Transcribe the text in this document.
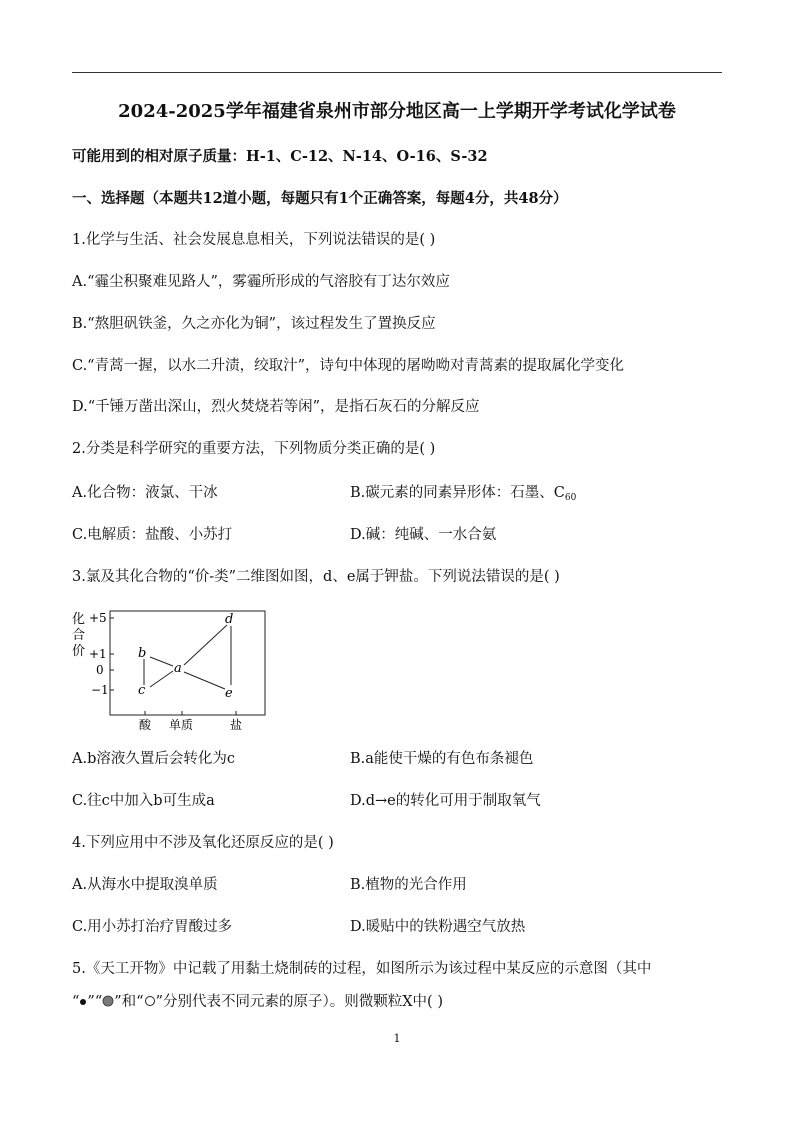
2024-2025学年福建省泉州市部分地区高一上学期开学考试化学试卷
可能用到的相对原子质量：H-1、C-12、N-14、O-16、S-32
一、选择题（本题共12道小题，每题只有1个正确答案，每题4分，共48分）
1.化学与生活、社会发展息息相关，下列说法错误的是( )
A.“霾尘积聚难见路人”，雾霾所形成的气溶胶有丁达尔效应
B.“熬胆矾铁釜，久之亦化为铜”，该过程发生了置换反应
C.“青蒿一握，以水二升渍，绞取汁”，诗句中体现的屠呦呦对青蒿素的提取属化学变化
D.“千锤万凿出深山，烈火焚烧若等闲”，是指石灰石的分解反应
2.分类是科学研究的重要方法，下列物质分类正确的是( )
A.化合物：液氯、干冰	B.碳元素的同素异形体：石墨、$C_{60}$
C.电解质：盐酸、小苏打	D.碱：纯碱、一水合氨
3.氯及其化合物的“价-类”二维图如图，d、e属于钾盐。下列说法错误的是( )
化
合
价
+5
+1
0
−1
酸 单质	盐
a
b
c
d
e
A.b溶液久置后会转化为c	B.a能使干燥的有色布条褪色
C.往c中加入b可生成a	D.d→e的转化可用于制取氧气
4.下列应用中不涉及氧化还原反应的是( )
A.从海水中提取溴单质	B.植物的光合作用
C.用小苏打治疗胃酸过多	D.暖贴中的铁粉遇空气放热
5.《天工开物》中记载了用黏土烧制砖的过程，如图所示为该过程中某反应的示意图（其中
“ ”“ ”和“ ”分别代表不同元素的原子）。则微颗粒X中( )
1
